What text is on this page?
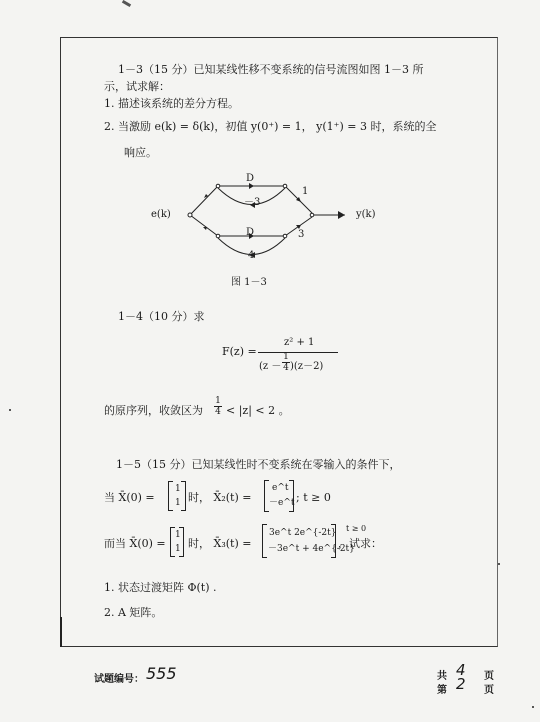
1－3（15 分）已知某线性移不变系统的信号流图如图 1－3 所
示，试求解：
1. 描述该系统的差分方程。
2. 当激励 e(k) = δ(k)，初值 y(0⁺) = 1， y(1⁺) = 3 时，系统的全
响应。
e(k)	y(k)
D
－3
1
D
4
3
图 1－3
1－4（10 分）求
F(z) =
z² + 1
$(z - \frac{1}{4} )(z-2)$
的原序列，收敛区为 $\frac{1}{4} < |z| < 2$ 。
1－5（15 分）已知某线性时不变系统在零输入的条件下，
当 X̄(0) =
1
1 时， X̄₂(t) =
e^t
－e^t ; t ≥ 0
而当 X̄(0) =
1
1 时， X̄₃(t) =
3e^t 2e^{-2t}
－3e^t + 4e^{-2t}
t ≥ 0
，试求：
1. 状态过渡矩阵 Φ(t) .
2. A 矩阵。
试题编号： 555	共 4 页
第 2 页
